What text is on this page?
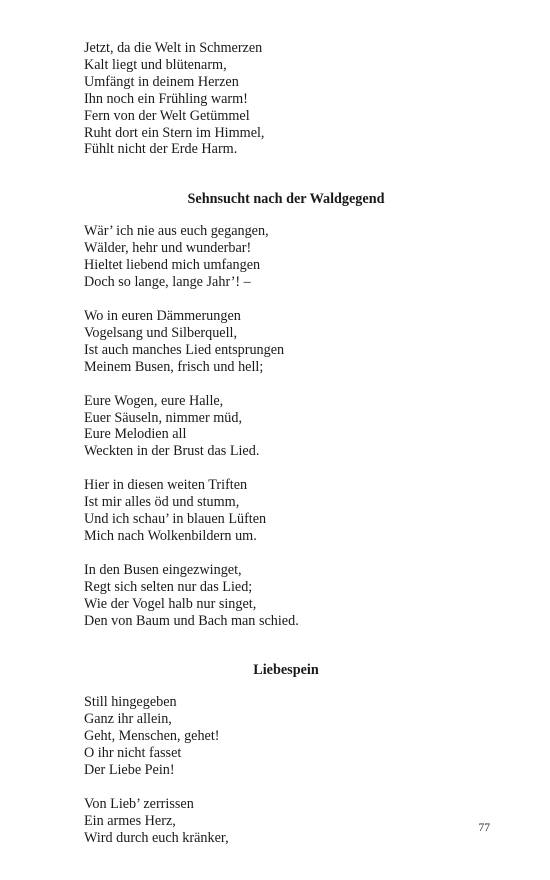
Jetzt, da die Welt in Schmerzen
Kalt liegt und blütenarm,
Umfängt in deinem Herzen
Ihn noch ein Frühling warm!
Fern von der Welt Getümmel
Ruht dort ein Stern im Himmel,
Fühlt nicht der Erde Harm.
Sehnsucht nach der Waldgegend
Wär’ ich nie aus euch gegangen,
Wälder, hehr und wunderbar!
Hieltet liebend mich umfangen
Doch so lange, lange Jahr’! –
Wo in euren Dämmerungen
Vogelsang und Silberquell,
Ist auch manches Lied entsprungen
Meinem Busen, frisch und hell;
Eure Wogen, eure Halle,
Euer Säuseln, nimmer müd,
Eure Melodien all
Weckten in der Brust das Lied.
Hier in diesen weiten Triften
Ist mir alles öd und stumm,
Und ich schau’ in blauen Lüften
Mich nach Wolkenbildern um.
In den Busen eingezwinget,
Regt sich selten nur das Lied;
Wie der Vogel halb nur singet,
Den von Baum und Bach man schied.
Liebespein
Still hingegeben
Ganz ihr allein,
Geht, Menschen, gehet!
O ihr nicht fasset
Der Liebe Pein!
Von Lieb’ zerrissen
Ein armes Herz,
Wird durch euch kränker,
77
